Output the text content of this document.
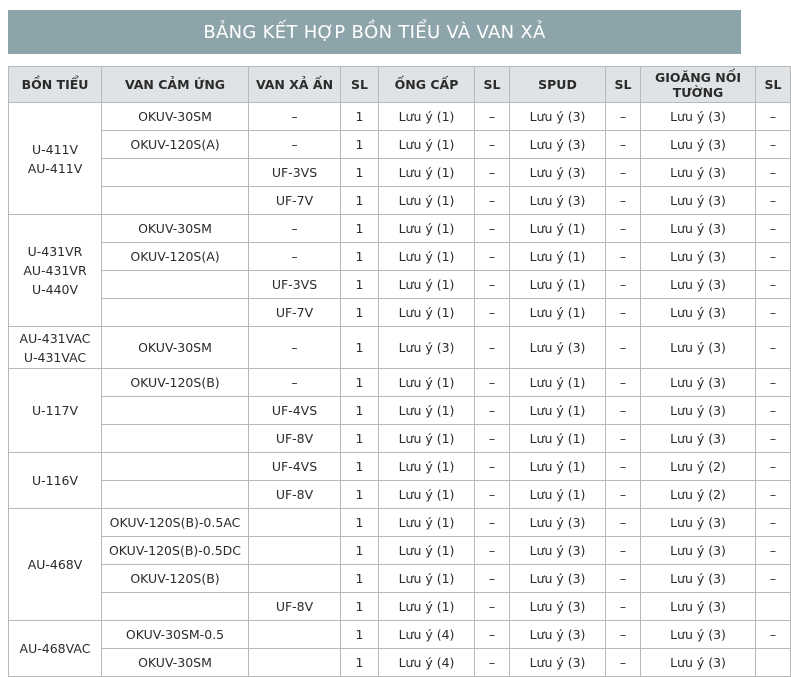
BẢNG KẾT HỢP BỒN TIỂU VÀ VAN XẢ
BỒN TIỂU	VAN CẢM ỨNG	VAN XẢ ẤN	SL	ỐNG CẤP	SL	SPUD	SL	GIOĂNG NỐI TƯỜNG	SL

U-411V
AU-411V	OKUV-30SM	–	1	Lưu ý (1)	–	Lưu ý (3)	–	Lưu ý (3)	–
	OKUV-120S(A)	–	1	Lưu ý (1)	–	Lưu ý (3)	–	Lưu ý (3)	–
		UF-3VS	1	Lưu ý (1)	–	Lưu ý (3)	–	Lưu ý (3)	–
		UF-7V	1	Lưu ý (1)	–	Lưu ý (3)	–	Lưu ý (3)	–

U-431VR
AU-431VR
U-440V	OKUV-30SM	–	1	Lưu ý (1)	–	Lưu ý (1)	–	Lưu ý (3)	–
	OKUV-120S(A)	–	1	Lưu ý (1)	–	Lưu ý (1)	–	Lưu ý (3)	–
		UF-3VS	1	Lưu ý (1)	–	Lưu ý (1)	–	Lưu ý (3)	–
		UF-7V	1	Lưu ý (1)	–	Lưu ý (1)	–	Lưu ý (3)	–

AU-431VAC
U-431VAC	OKUV-30SM	–	1	Lưu ý (3)	–	Lưu ý (3)	–	Lưu ý (3)	–

U-117V	OKUV-120S(B)	–	1	Lưu ý (1)	–	Lưu ý (1)	–	Lưu ý (3)	–
		UF-4VS	1	Lưu ý (1)	–	Lưu ý (1)	–	Lưu ý (3)	–
		UF-8V	1	Lưu ý (1)	–	Lưu ý (1)	–	Lưu ý (3)	–

U-116V		UF-4VS	1	Lưu ý (1)	–	Lưu ý (1)	–	Lưu ý (2)	–
		UF-8V	1	Lưu ý (1)	–	Lưu ý (1)	–	Lưu ý (2)	–

AU-468V	OKUV-120S(B)-0.5AC		1	Lưu ý (1)	–	Lưu ý (3)	–	Lưu ý (3)	–
	OKUV-120S(B)-0.5DC		1	Lưu ý (1)	–	Lưu ý (3)	–	Lưu ý (3)	–
	OKUV-120S(B)		1	Lưu ý (1)	–	Lưu ý (3)	–	Lưu ý (3)	–
		UF-8V	1	Lưu ý (1)	–	Lưu ý (3)	–	Lưu ý (3)	

AU-468VAC	OKUV-30SM-0.5		1	Lưu ý (4)	–	Lưu ý (3)	–	Lưu ý (3)	–
	OKUV-30SM		1	Lưu ý (4)	–	Lưu ý (3)	–	Lưu ý (3)	
